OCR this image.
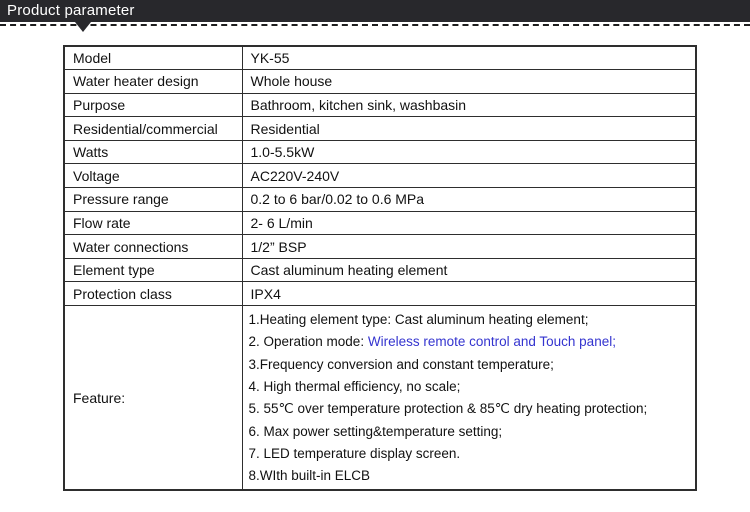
Product parameter
Model	YK-55
Water heater design	Whole house
Purpose	Bathroom, kitchen sink, washbasin
Residential/commercial	Residential
Watts	1.0-5.5kW
Voltage	AC220V-240V
Pressure range	0.2 to 6 bar/0.02 to 0.6 MPa
Flow rate	2- 6 L/min
Water connections	1/2” BSP
Element type	Cast aluminum heating element
Protection class	IPX4
Feature:	
1.Heating element type: Cast aluminum heating element;
2. Operation mode: Wireless remote control and Touch panel;
3.Frequency conversion and constant temperature;
4. High thermal efficiency, no scale;
5. 55℃ over temperature protection & 85℃ dry heating protection;
6. Max power setting&temperature setting;
7. LED temperature display screen.
8.WIth built-in ELCB
